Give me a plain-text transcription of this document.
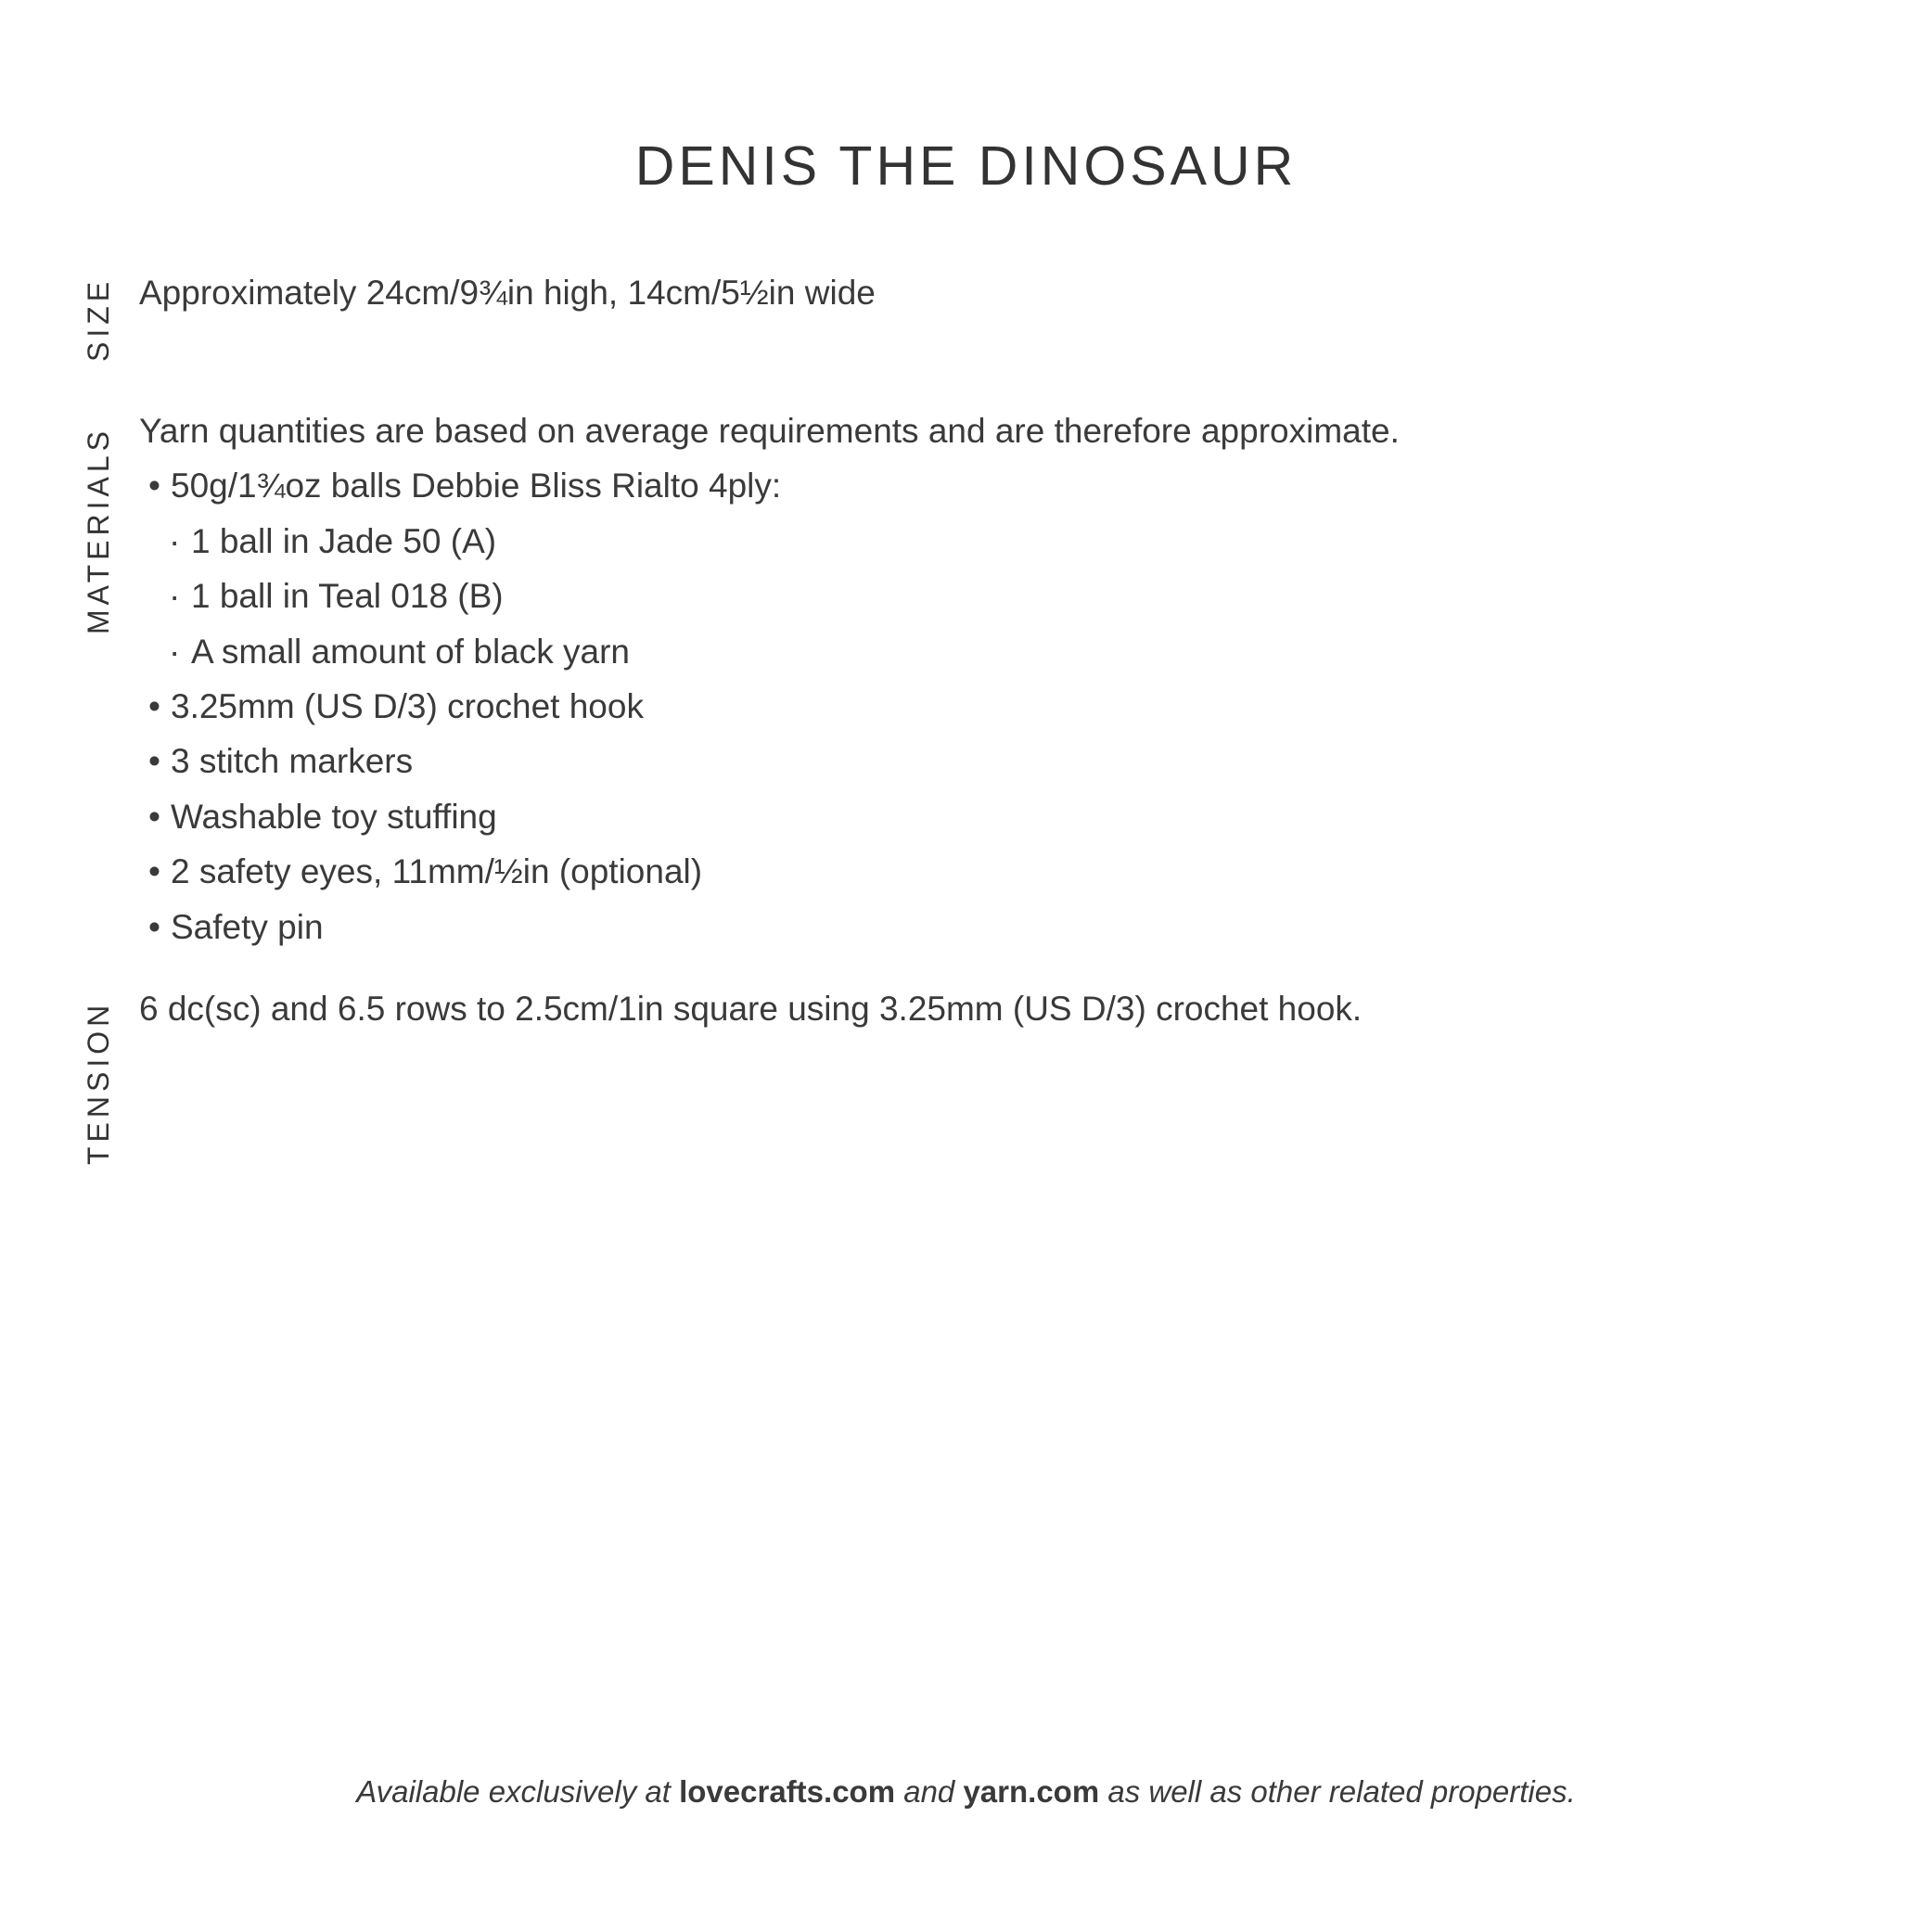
DENIS THE DINOSAUR
SIZE
MATERIALS
TENSION
Approximately 24cm/9¾in high, 14cm/5½in wide
Yarn quantities are based on average requirements and are therefore approximate.
• 50g/1¾oz balls Debbie Bliss Rialto 4ply:
· 1 ball in Jade 50 (A)
· 1 ball in Teal 018 (B)
· A small amount of black yarn
• 3.25mm (US D/3) crochet hook
• 3 stitch markers
• Washable toy stuffing
• 2 safety eyes, 11mm/½in (optional)
• Safety pin
6 dc(sc) and 6.5 rows to 2.5cm/1in square using 3.25mm (US D/3) crochet hook.
Available exclusively at lovecrafts.com and yarn.com as well as other related properties.
